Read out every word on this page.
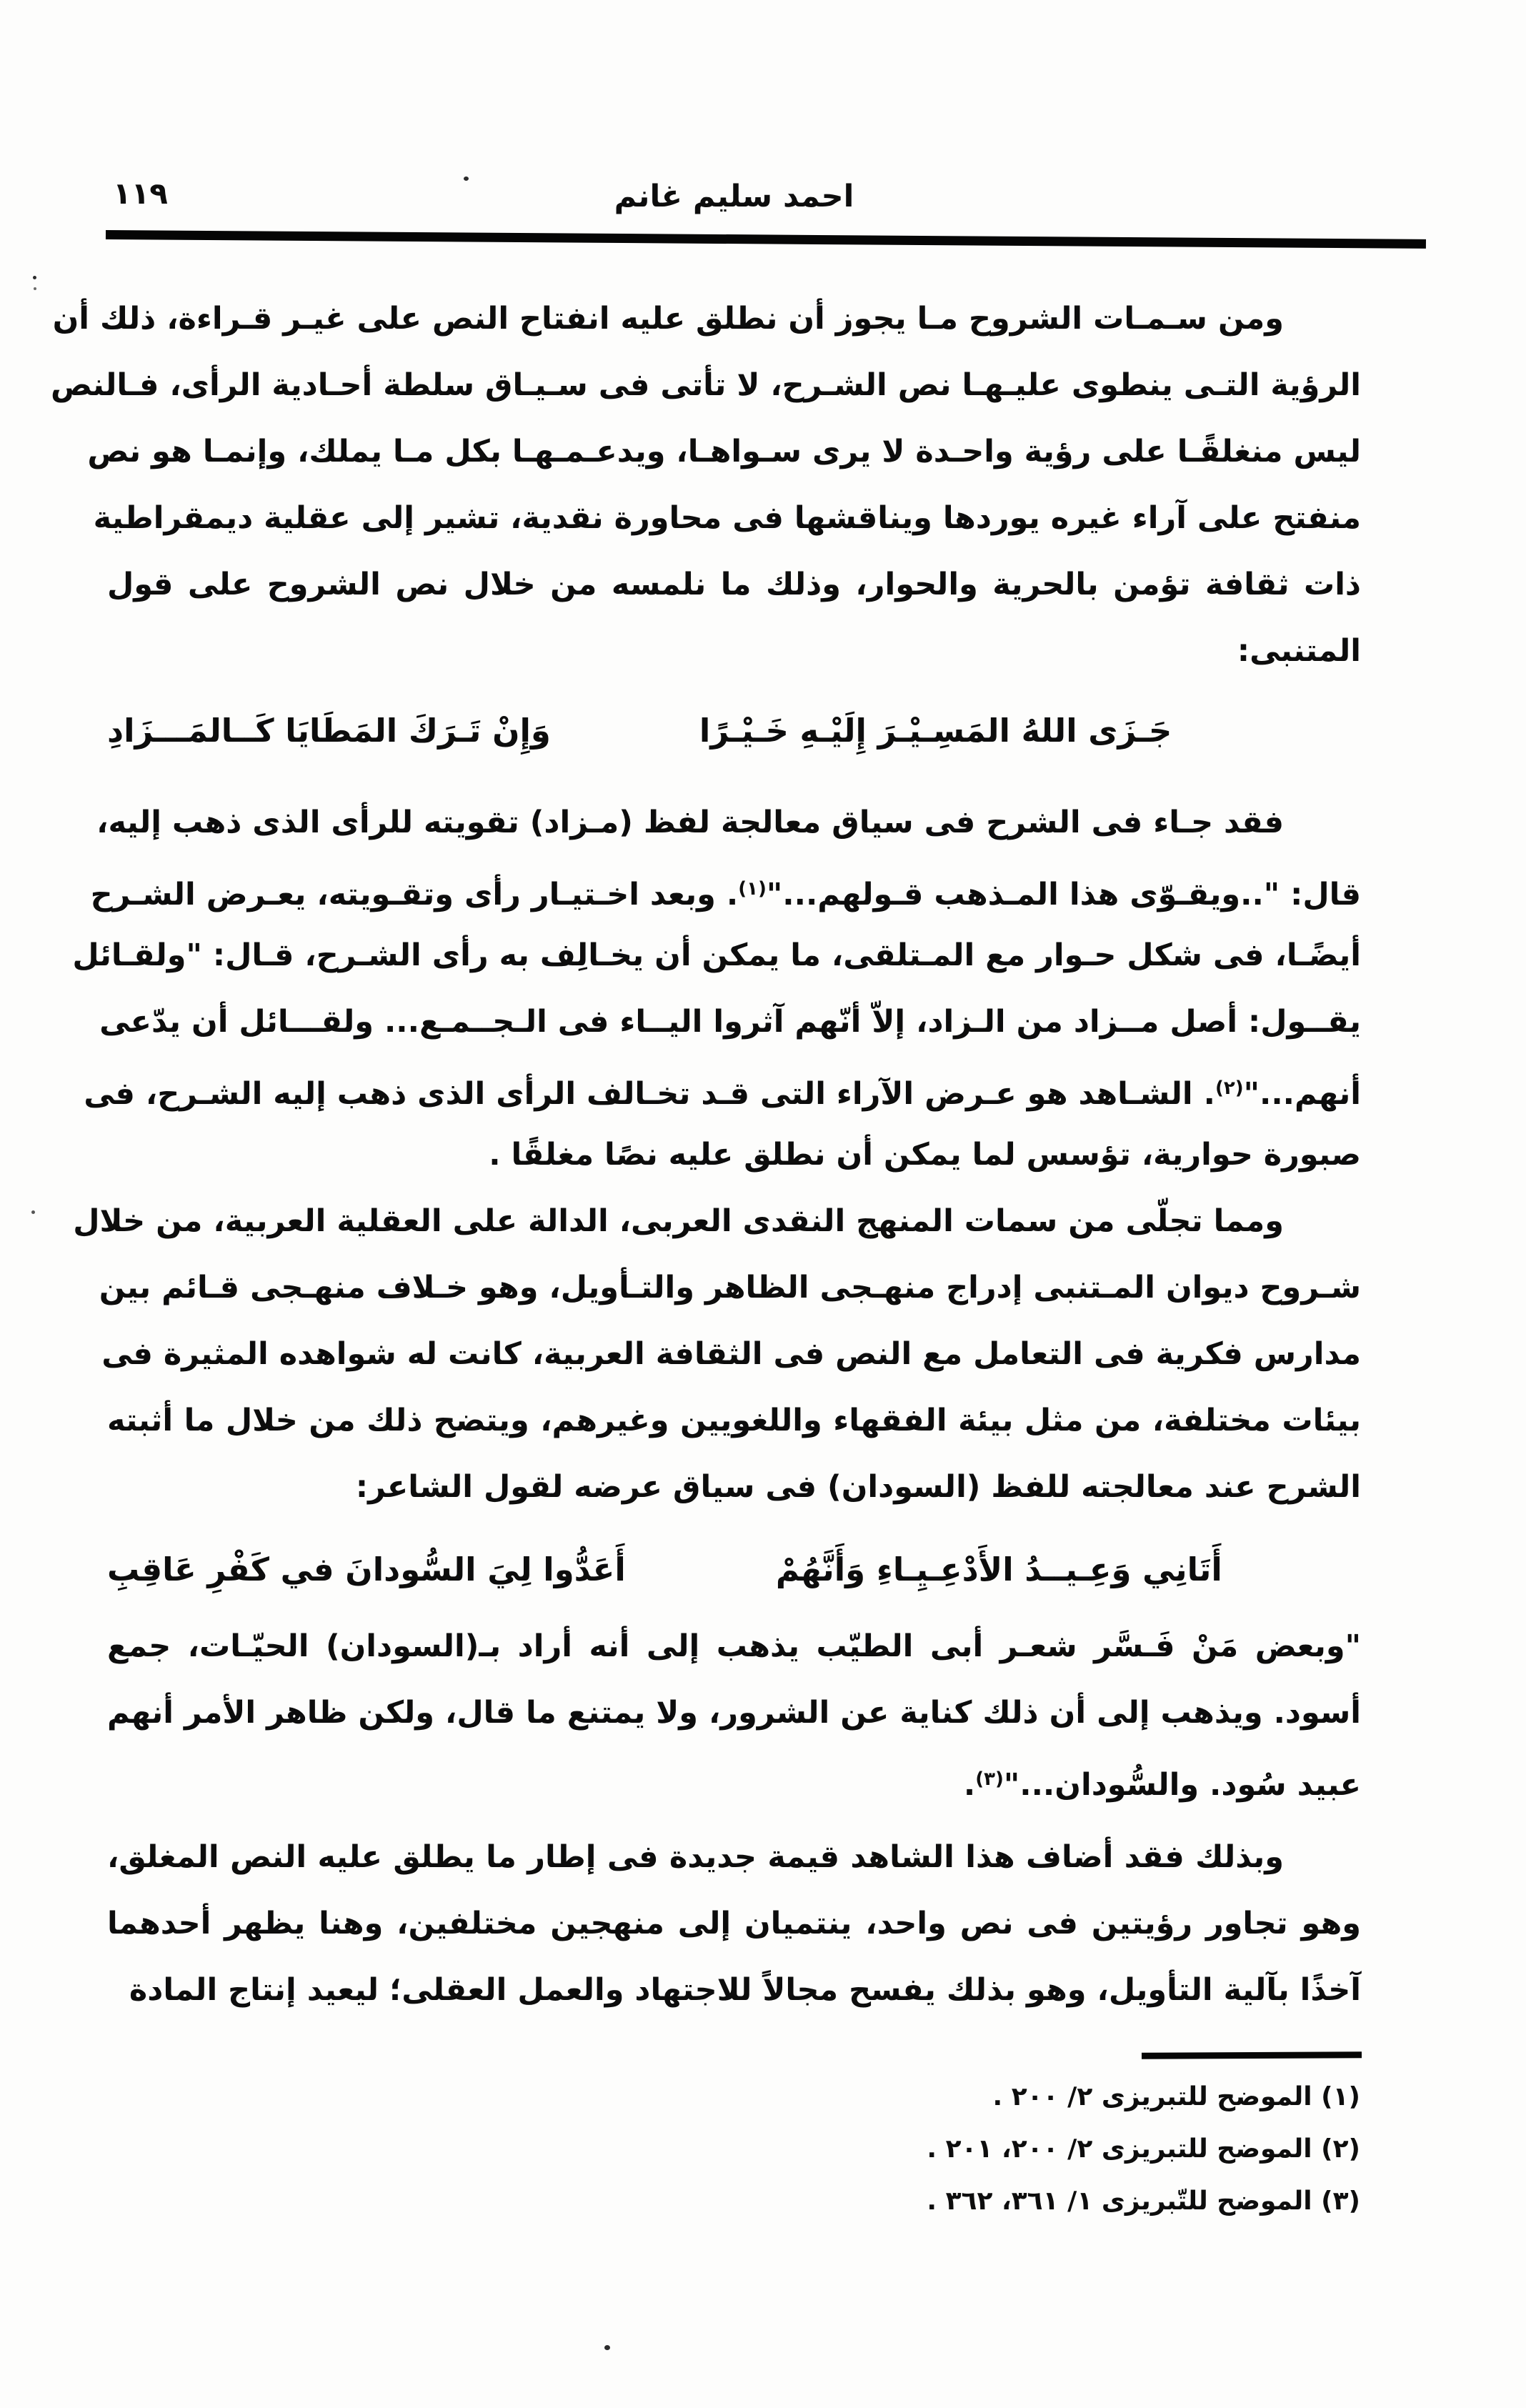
١١٩	احمد سليم غانم
ومن سـمـات الشروح مـا يجوز أن نطلق عليه انفتاح النص على غيـر قـراءة، ذلك أن
الرؤية التـى ينطوى عليـهـا نص الشـرح، لا تأتى فى سـيـاق سلطة أحـادية الرأى، فـالنص
ليس منغلقًـا على رؤية واحـدة لا يرى سـواهـا، ويدعـمـهـا بكل مـا يملك، وإنمـا هو نص
منفتح على آراء غيره يوردها ويناقشها فى محاورة نقدية، تشير إلى عقلية ديمقراطية
ذات ثقافة تؤمن بالحرية والحوار، وذلك ما نلمسه من خلال نص الشروح على قول
المتنبى:
جَـزَى اللهُ المَسِـيْـرَ إِلَيْـهِ خَـيْـرًا
وَإِنْ تَـرَكَ المَطَايَا كَــالمَـــزَادِ
فقد جـاء فى الشرح فى سياق معالجة لفظ (مـزاد) تقويته للرأى الذى ذهب إليه،
قال: "..ويقـوّى هذا المـذهب قـولهم..."$^{(١)}$. وبعد اخـتيـار رأى وتقـويته، يعـرض الشـرح
أيضًـا، فى شكل حـوار مع المـتلقى، ما يمكن أن يخـالِف به رأى الشـرح، قـال: "ولقـائل
يقــول: أصل مــزاد من الـزاد، إلاّ أنّهم آثروا اليــاء فى الـجــمـع... ولقـــائل أن يدّعى
أنهم..."$^{(٢)}$. الشـاهد هو عـرض الآراء التى قـد تخـالف الرأى الذى ذهب إليه الشـرح، فى
صبورة حوارية، تؤسس لما يمكن أن نطلق عليه نصًا مغلقًا .
ومما تجلّى من سمات المنهج النقدى العربى، الدالة على العقلية العربية، من خلال
شـروح ديوان المـتنبى إدراج منهـجى الظاهر والتـأويل، وهو خـلاف منهـجى قـائم بين
مدارس فكرية فى التعامل مع النص فى الثقافة العربية، كانت له شواهده المثيرة فى
بيئات مختلفة، من مثل بيئة الفقهاء واللغويين وغيرهم، ويتضح ذلك من خلال ما أثبته
الشرح عند معالجته للفظ (السودان) فى سياق عرضه لقول الشاعر:
أَتَانِي وَعِـيــدُ الأَدْعِـيِـاءِ وَأَنَّهُمْ
أَعَدُّوا لِيَ السُّودانَ في كَفْرِ عَاقِبِ
"وبعض مَنْ فَـسَّر شعـر أبى الطيّب يذهب إلى أنه أراد بـ(السودان) الحيّـات، جمع
أسود. ويذهب إلى أن ذلك كناية عن الشرور، ولا يمتنع ما قال، ولكن ظاهر الأمر أنهم
عبيد سُود. والسُّودان..."$^{(٣)}$.
وبذلك فقد أضاف هذا الشاهد قيمة جديدة فى إطار ما يطلق عليه النص المغلق،
وهو تجاور رؤيتين فى نص واحد، ينتميان إلى منهجين مختلفين، وهنا يظهر أحدهما
آخذًا بآلية التأويل، وهو بذلك يفسح مجالاً للاجتهاد والعمل العقلى؛ ليعيد إنتاج المادة
(١) الموضح للتبريزى ٢/ ٢٠٠ .
(٢) الموضح للتبريزى ٢/ ٢٠٠، ٢٠١ .
(٣) الموضح للتّبريزى ١/ ٣٦١، ٣٦٢ .
